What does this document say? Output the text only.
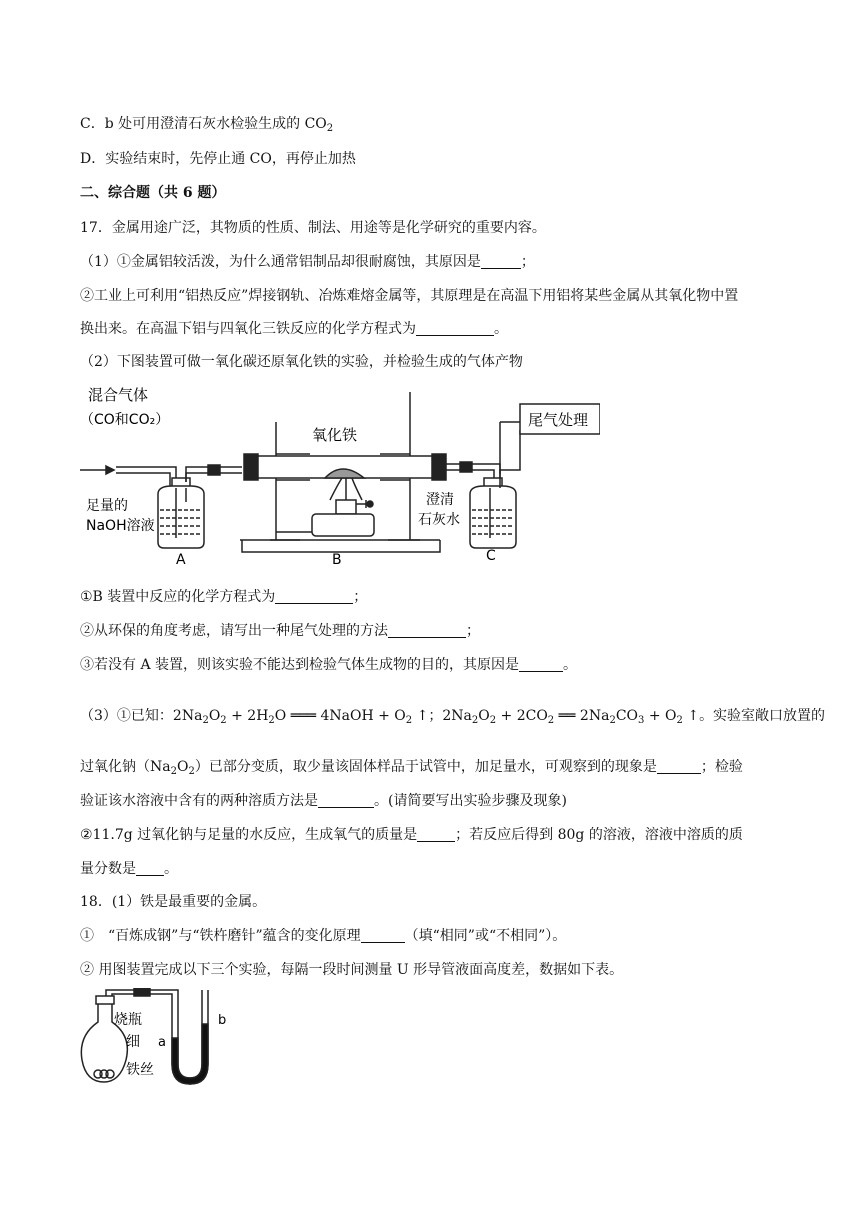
C．b 处可用澄清石灰水检验生成的 $CO_2$
D．实验结束时，先停止通 CO，再停止加热
二、综合题（共 6 题）
17．金属用途广泛，其物质的性质、制法、用途等是化学研究的重要内容。
（1）①金属铝较活泼，为什么通常铝制品却很耐腐蚀，其原因是	；
②工业上可利用“铝热反应”焊接钢轨、冶炼难熔金属等，其原理是在高温下用铝将某些金属从其氧化物中置
换出来。在高温下铝与四氧化三铁反应的化学方程式为	。
（2）下图装置可做一氧化碳还原氧化铁的实验，并检验生成的气体产物
混合气体
（CO和CO₂）
氧化铁
尾气处理
足量的
NaOH溶液
澄清
石灰水
A	B	C
①B 装置中反应的化学方程式为	；
②从环保的角度考虑，请写出一种尾气处理的方法	；
③若没有 A 装置，则该实验不能达到检验气体生成物的目的，其原因是	。
（3）①已知：$2Na_2O_2 + 2H_2O$ ═══ 4NaOH + $O_2$ ↑；$2Na_2O_2 + 2CO_2$ ══ $2Na_2CO_3 + O_2$ ↑。实验室敞口放置的
过氧化钠$(Na_2O_2)$已部分变质，取少量该固体样品于试管中，加足量水，可观察到的现象是	；检验
验证该水溶液中含有的两种溶质方法是	。(请简要写出实验步骤及现象)
②11.7g 过氧化钠与足量的水反应，生成氧气的质量是	；若反应后得到 80g 的溶液，溶液中溶质的质
量分数是 。
18．(1）铁是最重要的金属。
①　“百炼成钢”与“铁杵磨针”蕴含的变化原理	（填“相同”或“不相同”）。
② 用图装置完成以下三个实验，每隔一段时间测量 U 形导管液面高度差，数据如下表。
烧瓶
细
铁丝
a
b
